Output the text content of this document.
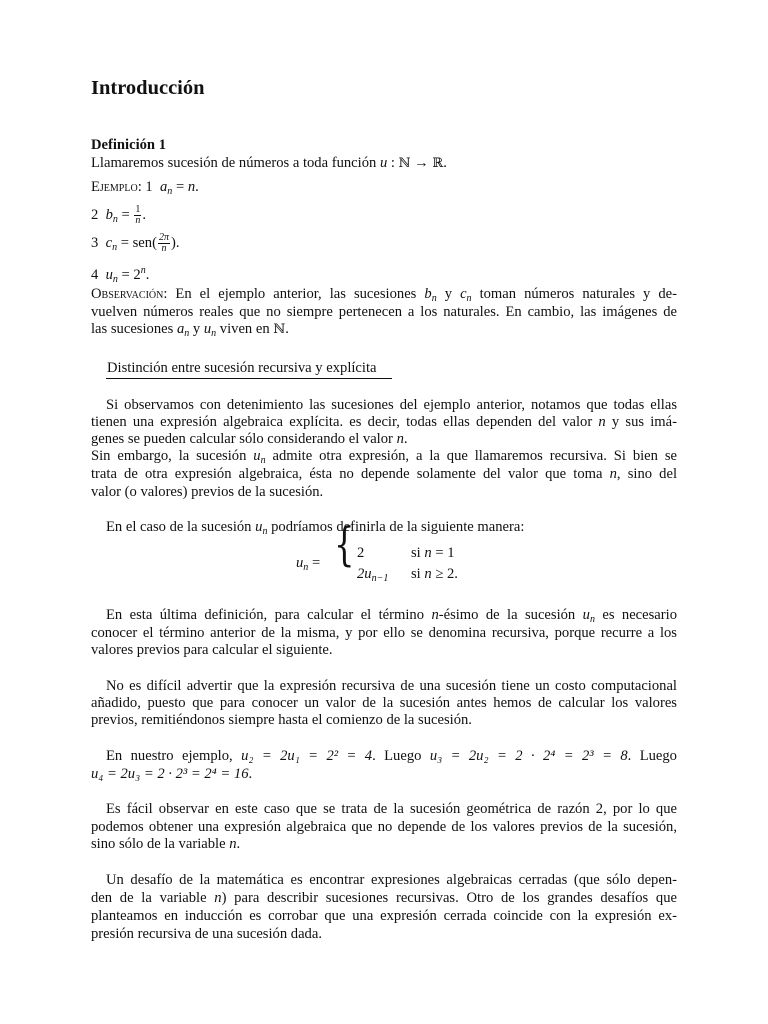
Introducción
Definición 1
Llamaremos sucesión de números a toda función u : ℕ → ℝ.
Ejemplo: 1 $a_n = n$.
2 $b_n = \frac{1}{n}$ .
3 $c_n = sen( \frac{2\pi}{n}$ ).
4 $u_n = 2^n$.
Observación: En el ejemplo anterior, las sucesiones $b_n$ y $c_n$ toman números naturales y de-
vuelven números reales que no siempre pertenecen a los naturales. En cambio, las imágenes de
las sucesiones $a_n$ y $u_n$ viven en ℕ.
Distinción entre sucesión recursiva y explícita
Si observamos con detenimiento las sucesiones del ejemplo anterior, notamos que todas ellas
tienen una expresión algebraica explícita. es decir, todas ellas dependen del valor n y sus imá-
genes se pueden calcular sólo considerando el valor n.
Sin embargo, la sucesión $u_n$ admite otra expresión, a la que llamaremos recursiva. Si bien se
trata de otra expresión algebraica, ésta no depende solamente del valor que toma n, sino del
valor (o valores) previos de la sucesión.
En el caso de la sucesión $u_n$ podríamos definirla de la siguiente manera:
$u_n$ = { 2	si n = 1
$2u_{n-1}$ si n ≥ 2.
En esta última definición, para calcular el término n-ésimo de la sucesión $u_n$ es necesario
conocer el término anterior de la misma, y por ello se denomina recursiva, porque recurre a los
valores previos para calcular el siguiente.
No es difícil advertir que la expresión recursiva de una sucesión tiene un costo computacional
añadido, puesto que para conocer un valor de la sucesión antes hemos de calcular los valores
previos, remitiéndonos siempre hasta el comienzo de la sucesión.
En nuestro ejemplo, u₂ = 2u₁ = 2² = 4. Luego u₃ = 2u₂ = 2 · 2⁴ = 2³ = 8. Luego
u₄ = 2u₃ = 2 · 2³ = 2⁴ = 16.
Es fácil observar en este caso que se trata de la sucesión geométrica de razón 2, por lo que
podemos obtener una expresión algebraica que no depende de los valores previos de la sucesión,
sino sólo de la variable n.
Un desafío de la matemática es encontrar expresiones algebraicas cerradas (que sólo depen-
den de la variable n) para describir sucesiones recursivas. Otro de los grandes desafíos que
planteamos en inducción es corrobar que una expresión cerrada coincide con la expresión ex-
presión recursiva de una sucesión dada.
